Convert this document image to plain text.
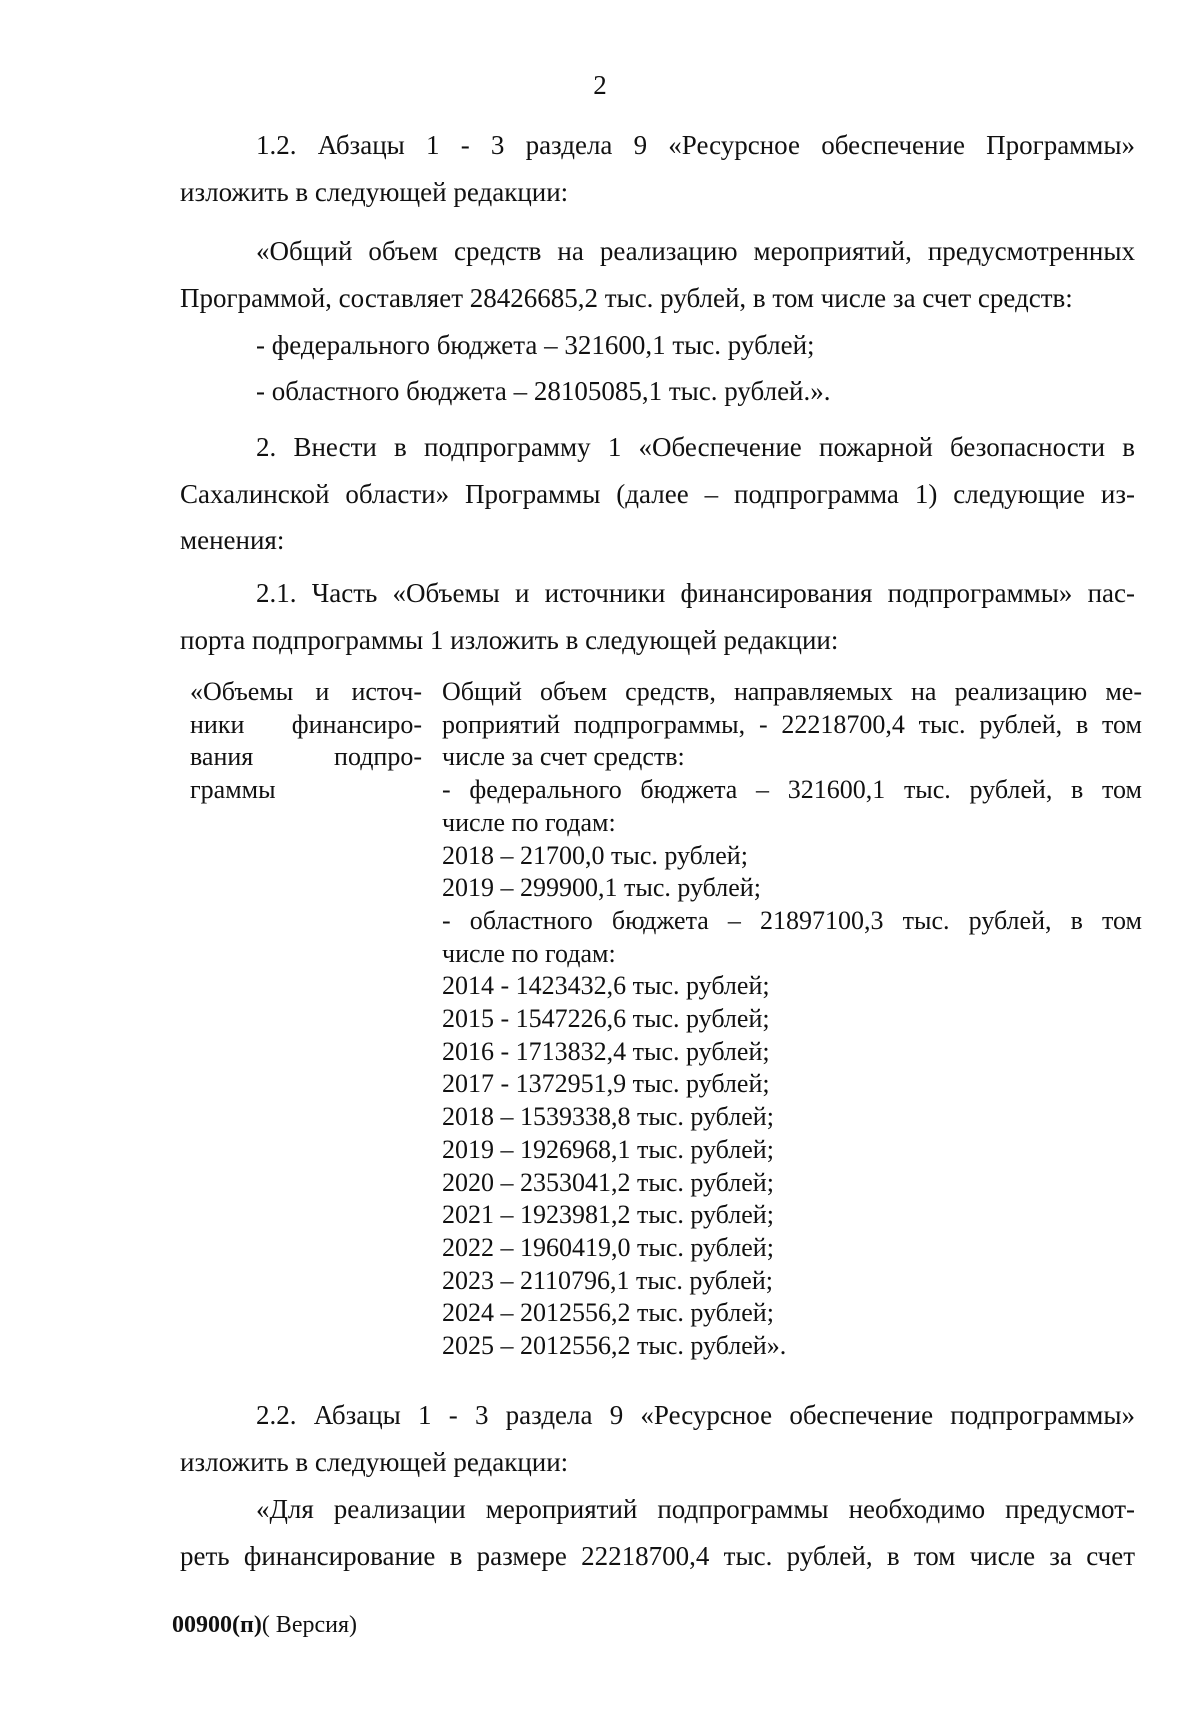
2

1.2. Абзацы 1 - 3 раздела 9 «Ресурсное обеспечение Программы»

изложить в следующей редакции:

«Общий объем средств на реализацию мероприятий, предусмотренных

Программой, составляет 28426685,2 тыс. рублей, в том числе за счет средств:

- федерального бюджета – 321600,1 тыс. рублей;

- областного бюджета – 28105085,1 тыс. рублей.».

2. Внести в подпрограмму 1 «Обеспечение пожарной безопасности в

Сахалинской области» Программы (далее – подпрограмма 1) следующие из-

менения:

2.1. Часть «Объемы и источники финансирования подпрограммы» пас-

порта подпрограммы 1 изложить в следующей редакции:

«Объемы и источ-
ники финансиро-
вания подпро-
граммы
Общий объем средств, направляемых на реализацию ме-
роприятий подпрограммы, - 22218700,4 тыс. рублей, в том
числе за счет средств:
- федерального бюджета – 321600,1 тыс. рублей, в том
числе по годам:
2018 – 21700,0 тыс. рублей;
2019 – 299900,1 тыс. рублей;
- областного бюджета – 21897100,3 тыс. рублей, в том
числе по годам:
2014 - 1423432,6 тыс. рублей;
2015 - 1547226,6 тыс. рублей;
2016 - 1713832,4 тыс. рублей;
2017 - 1372951,9 тыс. рублей;
2018 – 1539338,8 тыс. рублей;
2019 – 1926968,1 тыс. рублей;
2020 – 2353041,2 тыс. рублей;
2021 – 1923981,2 тыс. рублей;
2022 – 1960419,0 тыс. рублей;
2023 – 2110796,1 тыс. рублей;
2024 – 2012556,2 тыс. рублей;
2025 – 2012556,2 тыс. рублей».

2.2. Абзацы 1 - 3 раздела 9 «Ресурсное обеспечение подпрограммы»

изложить в следующей редакции:

«Для реализации мероприятий подпрограммы необходимо предусмот-

реть финансирование в размере 22218700,4 тыс. рублей, в том числе за счет

00900(п)( Версия)
